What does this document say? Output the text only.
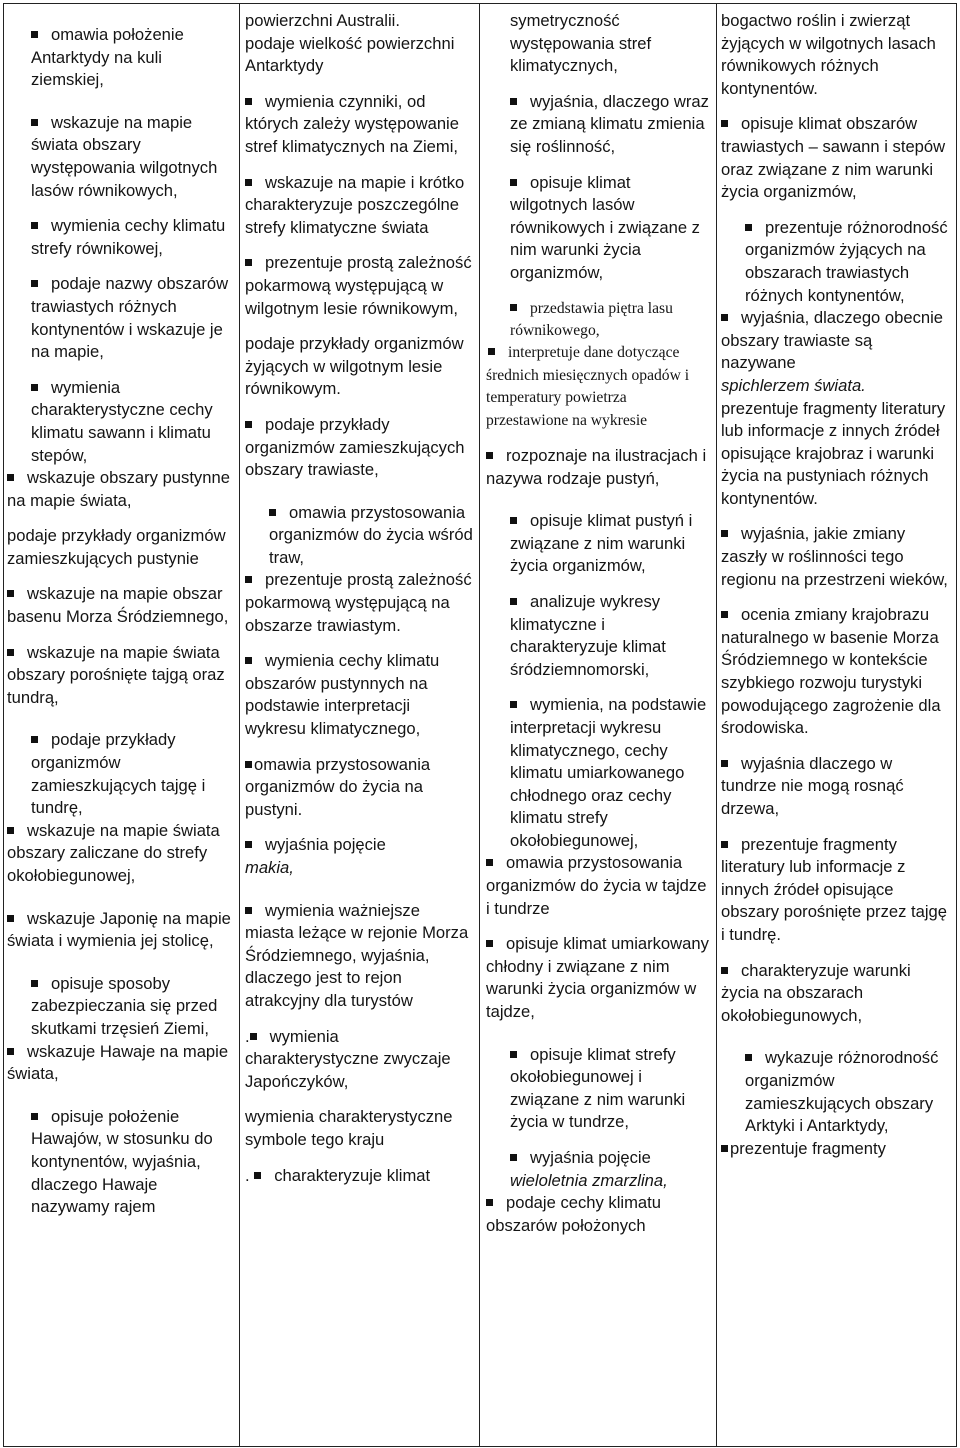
omawia położenie Antarktydy na kuli ziemskiej,

wskazuje na mapie świata obszary występowania wilgotnych lasów równikowych,

wymienia cechy klimatu strefy równikowej,

podaje nazwy obszarów trawiastych różnych kontynentów i wskazuje je na mapie,

wymienia charakterystyczne cechy klimatu sawann i klimatu stepów,

wskazuje obszary pustynne na mapie świata,

podaje przykłady organizmów zamieszkujących pustynie

wskazuje na mapie obszar basenu Morza Śródziemnego,

wskazuje na mapie świata obszary porośnięte tajgą oraz tundrą,

podaje przykłady organizmów zamieszkujących tajgę i tundrę,

wskazuje na mapie świata obszary zaliczane do strefy okołobiegunowej,

wskazuje Japonię na mapie świata i wymienia jej stolicę,

opisuje sposoby zabezpieczania się przed skutkami trzęsień Ziemi,

wskazuje Hawaje na mapie świata,

opisuje położenie Hawajów, w stosunku do kontynentów, wyjaśnia, dlaczego Hawaje nazywamy rajem

powierzchni Australii.

podaje wielkość powierzchni Antarktydy

wymienia czynniki, od których zależy występowanie stref klimatycznych na Ziemi,

wskazuje na mapie i krótko charakteryzuje poszczególne strefy klimatyczne świata

prezentuje prostą zależność pokarmową występującą w wilgotnym lesie równikowym,

podaje przykłady organizmów żyjących w wilgotnym lesie równikowym.

podaje przykłady organizmów zamieszkujących obszary trawiaste,

omawia przystosowania organizmów do życia wśród traw,

prezentuje prostą zależność pokarmową występującą na obszarze trawiastym.

wymienia cechy klimatu obszarów pustynnych na podstawie interpretacji wykresu klimatycznego,

omawia przystosowania organizmów do życia na pustyni.

wyjaśnia pojęcie
makia,

wymienia ważniejsze miasta leżące w rejonie Morza Śródziemnego, wyjaśnia, dlaczego jest to rejon atrakcyjny dla turystów

. wymienia charakterystyczne zwyczaje Japończyków,

wymienia charakterystyczne symbole tego kraju

. charakteryzuje klimat

symetryczność występowania stref klimatycznych,

wyjaśnia, dlaczego wraz ze zmianą klimatu zmienia się roślinność,

opisuje klimat wilgotnych lasów równikowych i związane z nim warunki życia organizmów,

przedstawia piętra lasu równikowego,

interpretuje dane dotyczące średnich miesięcznych opadów i temperatury powietrza przestawione na wykresie

rozpoznaje na ilustracjach i nazywa rodzaje pustyń,

opisuje klimat pustyń i związane z nim warunki życia organizmów,

analizuje wykresy klimatyczne i charakteryzuje klimat śródziemnomorski,

wymienia, na podstawie interpretacji wykresu klimatycznego, cechy klimatu umiarkowanego chłodnego oraz cechy klimatu strefy okołobiegunowej,

omawia przystosowania organizmów do życia w tajdze i tundrze

opisuje klimat umiarkowany chłodny i związane z nim warunki życia organizmów w tajdze,

opisuje klimat strefy okołobiegunowej i związane z nim warunki życia w tundrze,

wyjaśnia pojęcie
wieloletnia zmarzlina,

podaje cechy klimatu obszarów położonych

bogactwo roślin i zwierząt żyjących w wilgotnych lasach równikowych różnych kontynentów.

opisuje klimat obszarów trawiastych – sawann i stepów oraz związane z nim warunki życia organizmów,

prezentuje różnorodność organizmów żyjących na obszarach trawiastych różnych kontynentów,

wyjaśnia, dlaczego obecnie obszary trawiaste są nazywane
spichlerzem świata.

prezentuje fragmenty literatury lub informacje z innych źródeł opisujące krajobraz i warunki życia na pustyniach różnych kontynentów.

wyjaśnia, jakie zmiany zaszły w roślinności tego regionu na przestrzeni wieków,

ocenia zmiany krajobrazu naturalnego w basenie Morza Śródziemnego w kontekście szybkiego rozwoju turystyki powodującego zagrożenie dla środowiska.

wyjaśnia dlaczego w tundrze nie mogą rosnąć drzewa,

prezentuje fragmenty literatury lub informacje z innych źródeł opisujące obszary porośnięte przez tajgę i tundrę.

charakteryzuje warunki życia na obszarach okołobiegunowych,

wykazuje różnorodność organizmów zamieszkujących obszary Arktyki i Antarktydy,

prezentuje fragmenty
